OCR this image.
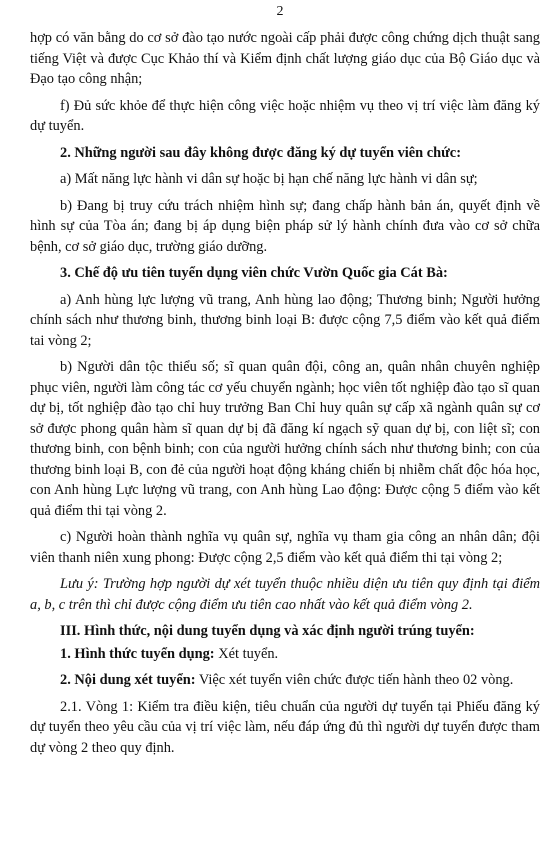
2

hợp có văn bằng do cơ sở đào tạo nước ngoài cấp phải được công chứng dịch thuật sang tiếng Việt và được Cục Khảo thí và Kiểm định chất lượng giáo dục của Bộ Giáo dục và Đạo tạo công nhận;

f) Đủ sức khỏe để thực hiện công việc hoặc nhiệm vụ theo vị trí việc làm đăng ký dự tuyển.

2. Những người sau đây không được đăng ký dự tuyển viên chức:

a) Mất năng lực hành vi dân sự hoặc bị hạn chế năng lực hành vi dân sự;

b) Đang bị truy cứu trách nhiệm hình sự; đang chấp hành bản án, quyết định về hình sự của Tòa án; đang bị áp dụng biện pháp sử lý hành chính đưa vào cơ sở chữa bệnh, cơ sở giáo dục, trường giáo dưỡng.

3. Chế độ ưu tiên tuyển dụng viên chức Vườn Quốc gia Cát Bà:

a) Anh hùng lực lượng vũ trang, Anh hùng lao động; Thương binh; Người hưởng chính sách như thương binh, thương binh loại B: được cộng 7,5 điểm vào kết quả điểm tai vòng 2;

b) Người dân tộc thiểu số; sĩ quan quân đội, công an, quân nhân chuyên nghiệp phục viên, người làm công tác cơ yếu chuyển ngành; học viên tốt nghiệp đào tạo sĩ quan dự bị, tốt nghiệp đào tạo chỉ huy trưởng Ban Chỉ huy quân sự cấp xã ngành quân sự cơ sở được phong quân hàm sĩ quan dự bị đã đăng kí ngạch sỹ quan dự bị, con liệt sĩ; con thương binh, con bệnh binh; con của người hưởng chính sách như thương binh; con của thương binh loại B, con đẻ của người hoạt động kháng chiến bị nhiễm chất độc hóa học, con Anh hùng Lực lượng vũ trang, con Anh hùng Lao động: Được cộng 5 điểm vào kết quả điểm thi tại vòng 2.

c) Người hoàn thành nghĩa vụ quân sự, nghĩa vụ tham gia công an nhân dân; đội viên thanh niên xung phong: Được cộng 2,5 điểm vào kết quả điểm thi tại vòng 2;

Lưu ý: Trường hợp người dự xét tuyển thuộc nhiều diện ưu tiên quy định tại điểm a, b, c trên thì chỉ được cộng điểm ưu tiên cao nhất vào kết quả điểm vòng 2.

III. Hình thức, nội dung tuyển dụng và xác định người trúng tuyển:

1. Hình thức tuyển dụng: Xét tuyển.

2. Nội dung xét tuyển: Việc xét tuyển viên chức được tiến hành theo 02 vòng.

2.1. Vòng 1: Kiểm tra điều kiện, tiêu chuẩn của người dự tuyển tại Phiếu đăng ký dự tuyển theo yêu cầu của vị trí việc làm, nếu đáp ứng đủ thì người dự tuyển được tham dự vòng 2 theo quy định.
